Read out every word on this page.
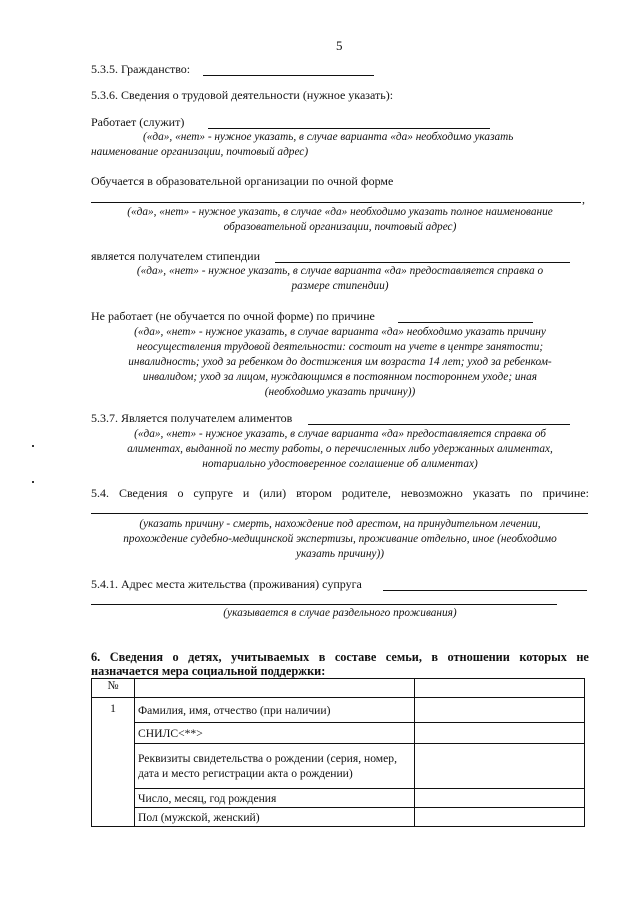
5
5.3.5. Гражданство:
5.3.6. Сведения о трудовой деятельности (нужное указать):
Работает (служит)
(«да», «нет» - нужное указать, в случае варианта «да» необходимо указать
наименование организации, почтовый адрес)
Обучается в образовательной организации по очной форме
,
(«да», «нет» - нужное указать, в случае «да» необходимо указать полное наименование
образовательной организации, почтовый адрес)
является получателем стипендии
(«да», «нет» - нужное указать, в случае варианта «да» предоставляется справка о
размере стипендии)
Не работает (не обучается по очной форме) по причине
(«да», «нет» - нужное указать, в случае варианта «да» необходимо указать причину
неосуществления трудовой деятельности: состоит на учете в центре занятости;
инвалидность; уход за ребенком до достижения им возраста 14 лет; уход за ребенком-
инвалидом; уход за лицом, нуждающимся в постоянном постороннем уходе; иная
(необходимо указать причину))
5.3.7. Является получателем алиментов
(«да», «нет» - нужное указать, в случае варианта «да» предоставляется справка об
алиментах, выданной по месту работы, о перечисленных либо удержанных алиментах,
нотариально удостоверенное соглашение об алиментах)
5.4. Сведения о супруге и (или) втором родителе, невозможно указать по причине:
(указать причину - смерть, нахождение под арестом, на принудительном лечении,
прохождение судебно-медицинской экспертизы, проживание отдельно, иное (необходимо
указать причину))
5.4.1. Адрес места жительства (проживания) супруга
(указывается в случае раздельного проживания)
6. Сведения о детях, учитываемых в составе семьи, в отношении которых не
назначается мера социальной поддержки:
№		
1	Фамилия, имя, отчество (при наличии)	
	СНИЛС<**>	
	Реквизиты свидетельства о рождении (серия, номер, дата и место регистрации акта о рождении)	
	Число, месяц, год рождения	
	Пол (мужской, женский)	
